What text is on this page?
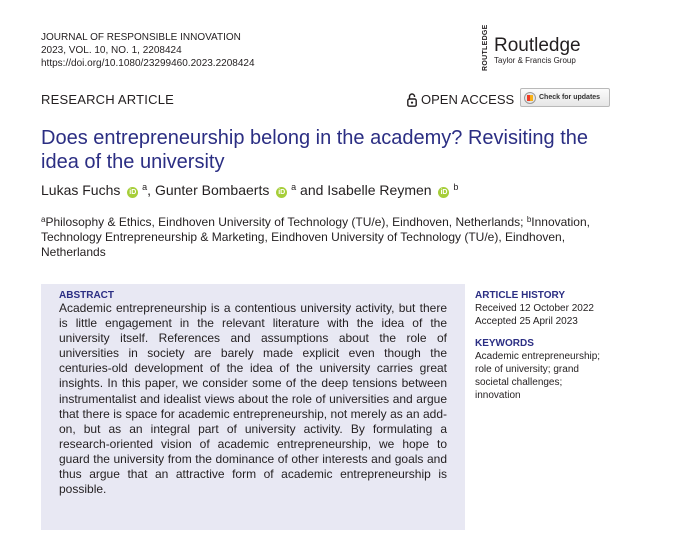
JOURNAL OF RESPONSIBLE INNOVATION
2023, VOL. 10, NO. 1, 2208424
https://doi.org/10.1080/23299460.2023.2208424	ROUTLEDGE Routledge
Taylor & Francis Group
RESEARCH ARTICLE	OPEN ACCESS	Check for updates
Does entrepreneurship belong in the academy? Revisiting the idea of the university
Lukas Fuchs iD $^a$, Gunter Bombaerts iD $^a$ and Isabelle Reymen iD $^b$
$^a$Philosophy & Ethics, Eindhoven University of Technology (TU/e), Eindhoven, Netherlands; $^b$Innovation, Technology Entrepreneurship & Marketing, Eindhoven University of Technology (TU/e), Eindhoven, Netherlands
ABSTRACT
Academic entrepreneurship is a contentious university activity, but there is little engagement in the relevant literature with the idea of the university itself. References and assumptions about the role of universities in society are barely made explicit even though the centuries-old development of the idea of the university carries great insights. In this paper, we consider some of the deep tensions between instrumentalist and idealist views about the role of universities and argue that there is space for academic entrepreneurship, not merely as an add-on, but as an integral part of university activity. By formulating a research-oriented vision of academic entrepreneurship, we hope to guard the university from the dominance of other interests and goals and thus argue that an attractive form of academic entrepreneurship is possible.
ARTICLE HISTORY
Received 12 October 2022
Accepted 25 April 2023
KEYWORDS
Academic entrepreneurship;
role of university; grand
societal challenges;
innovation
